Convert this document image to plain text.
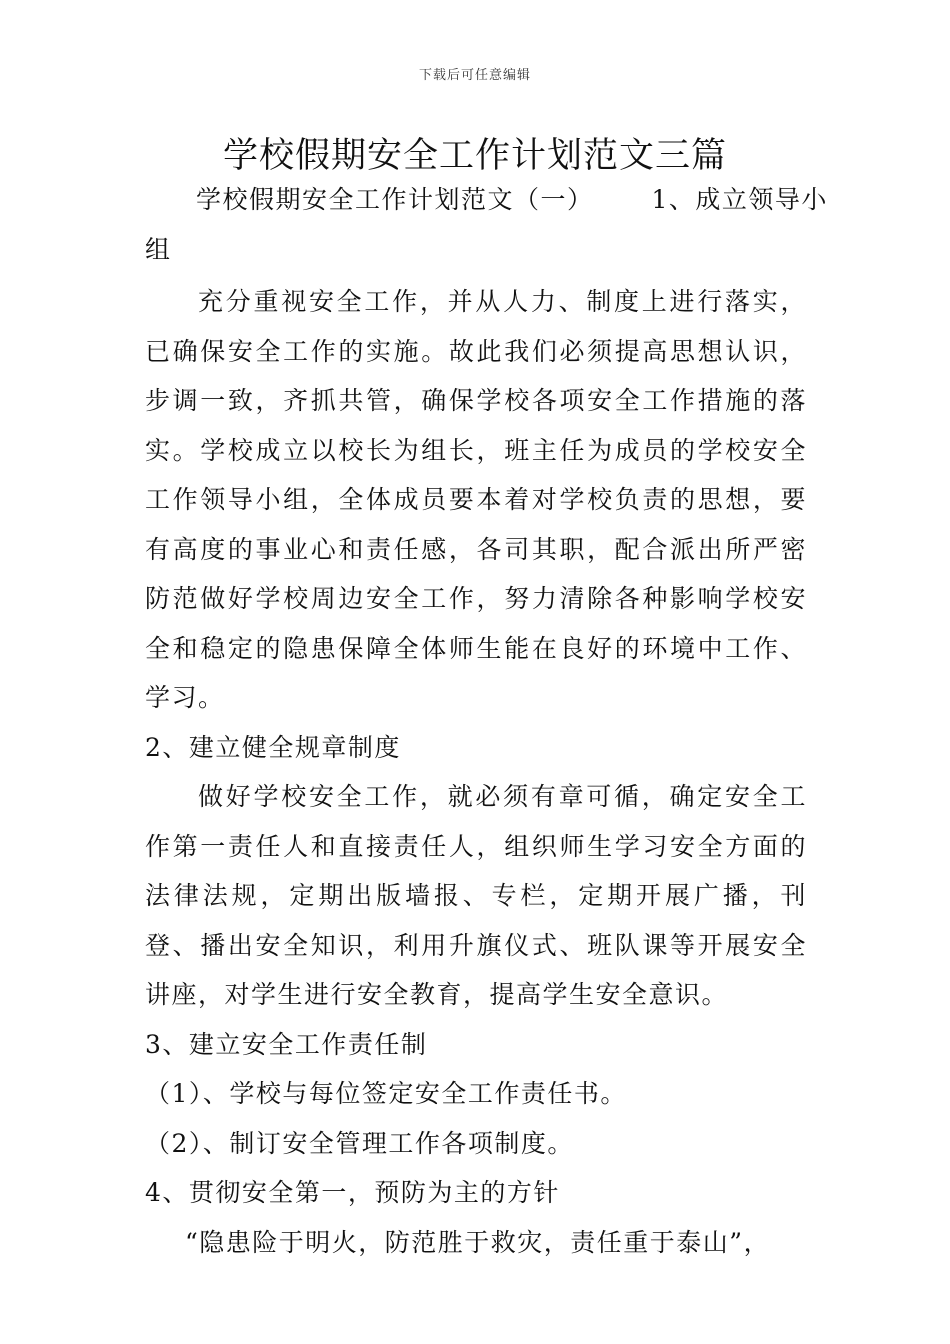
下载后可任意编辑
学校假期安全工作计划范文三篇

学校假期安全工作计划范文（一） 1、成立领导小

组

充分重视安全工作，并从人力、制度上进行落实，已确保安全工作的实施。故此我们必须提高思想认识，步调一致，齐抓共管，确保学校各项安全工作措施的落实。学校成立以校长为组长，班主任为成员的学校安全工作领导小组，全体成员要本着对学校负责的思想，要有高度的事业心和责任感，各司其职，配合派出所严密防范做好学校周边安全工作，努力清除各种影响学校安全和稳定的隐患保障全体师生能在良好的环境中工作、学习。

2、建立健全规章制度

做好学校安全工作，就必须有章可循，确定安全工作第一责任人和直接责任人，组织师生学习安全方面的法律法规，定期出版墙报、专栏，定期开展广播，刊登、播出安全知识，利用升旗仪式、班队课等开展安全讲座，对学生进行安全教育，提高学生安全意识。

3、建立安全工作责任制

（1）、学校与每位签定安全工作责任书。

（2）、制订安全管理工作各项制度。

4、贯彻安全第一，预防为主的方针

“隐患险于明火，防范胜于救灾，责任重于泰山”，
